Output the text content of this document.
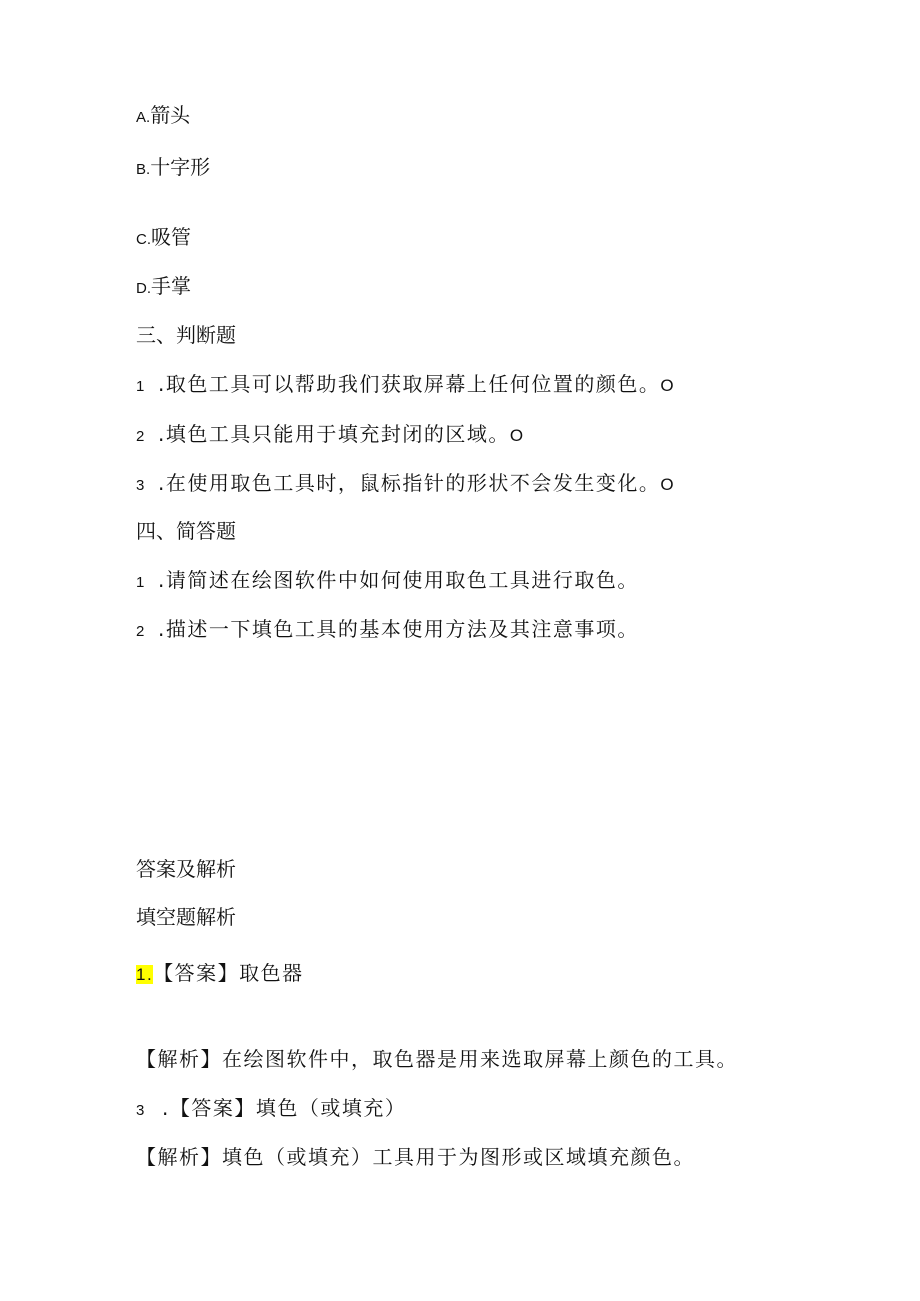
A.箭头
B.十字形
C.吸管
D.手掌
三、判断题
1 .取色工具可以帮助我们获取屏幕上任何位置的颜色。O
2 .填色工具只能用于填充封闭的区域。O
3 .在使用取色工具时，鼠标指针的形状不会发生变化。O
四、简答题
1 .请简述在绘图软件中如何使用取色工具进行取色。
2 .描述一下填色工具的基本使用方法及其注意事项。
答案及解析
填空题解析
1.【答案】取色器
【解析】在绘图软件中，取色器是用来选取屏幕上颜色的工具。
3 .【答案】填色（或填充）
【解析】填色（或填充）工具用于为图形或区域填充颜色。
